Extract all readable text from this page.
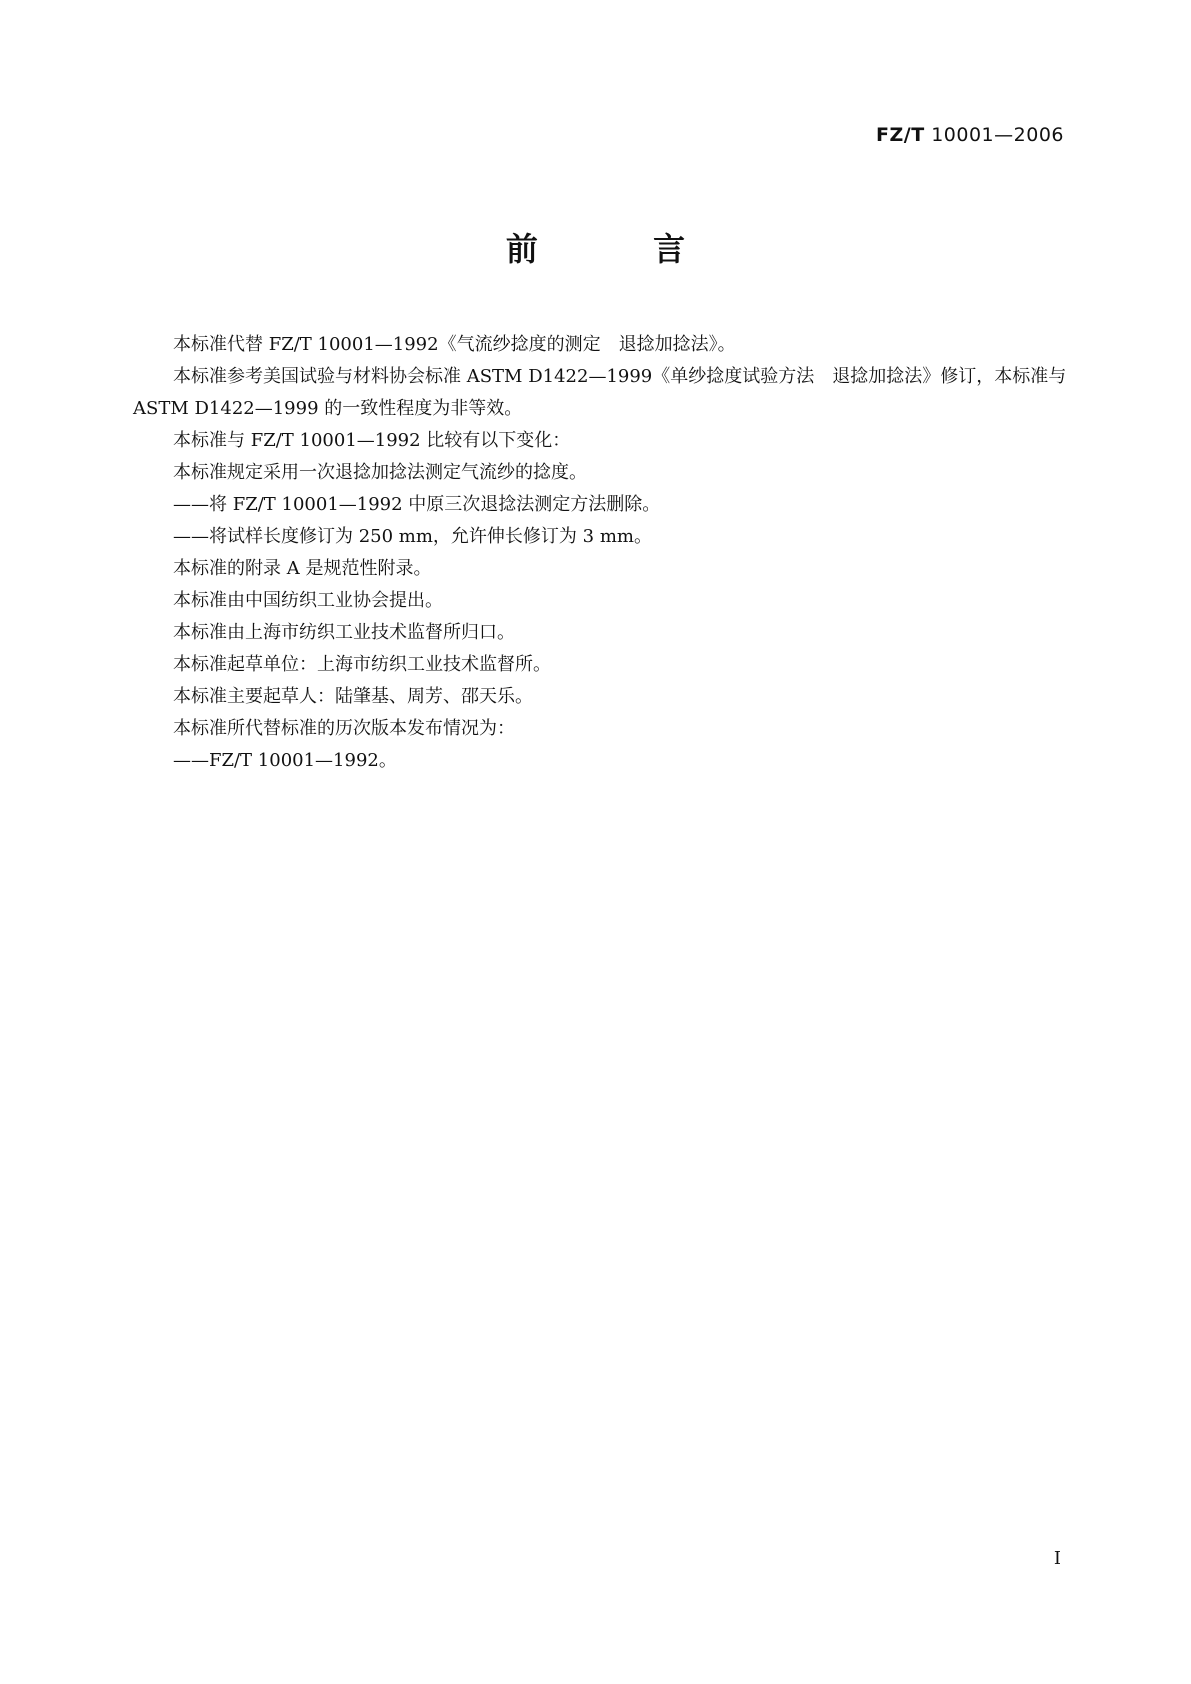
FZ/T 10001—2006
前 言

本标准代替 FZ/T 10001—1992《气流纱捻度的测定　退捻加捻法》。

本标准参考美国试验与材料协会标准 ASTM D1422—1999《单纱捻度试验方法　退捻加捻法》修订，本标准与 ASTM D1422—1999 的一致性程度为非等效。

本标准与 FZ/T 10001—1992 比较有以下变化：

本标准规定采用一次退捻加捻法测定气流纱的捻度。

——将 FZ/T 10001—1992 中原三次退捻法测定方法删除。

——将试样长度修订为 250 mm，允许伸长修订为 3 mm。

本标准的附录 A 是规范性附录。

本标准由中国纺织工业协会提出。

本标准由上海市纺织工业技术监督所归口。

本标准起草单位：上海市纺织工业技术监督所。

本标准主要起草人：陆肇基、周芳、邵天乐。

本标准所代替标准的历次版本发布情况为：

——FZ/T 10001—1992。

I
